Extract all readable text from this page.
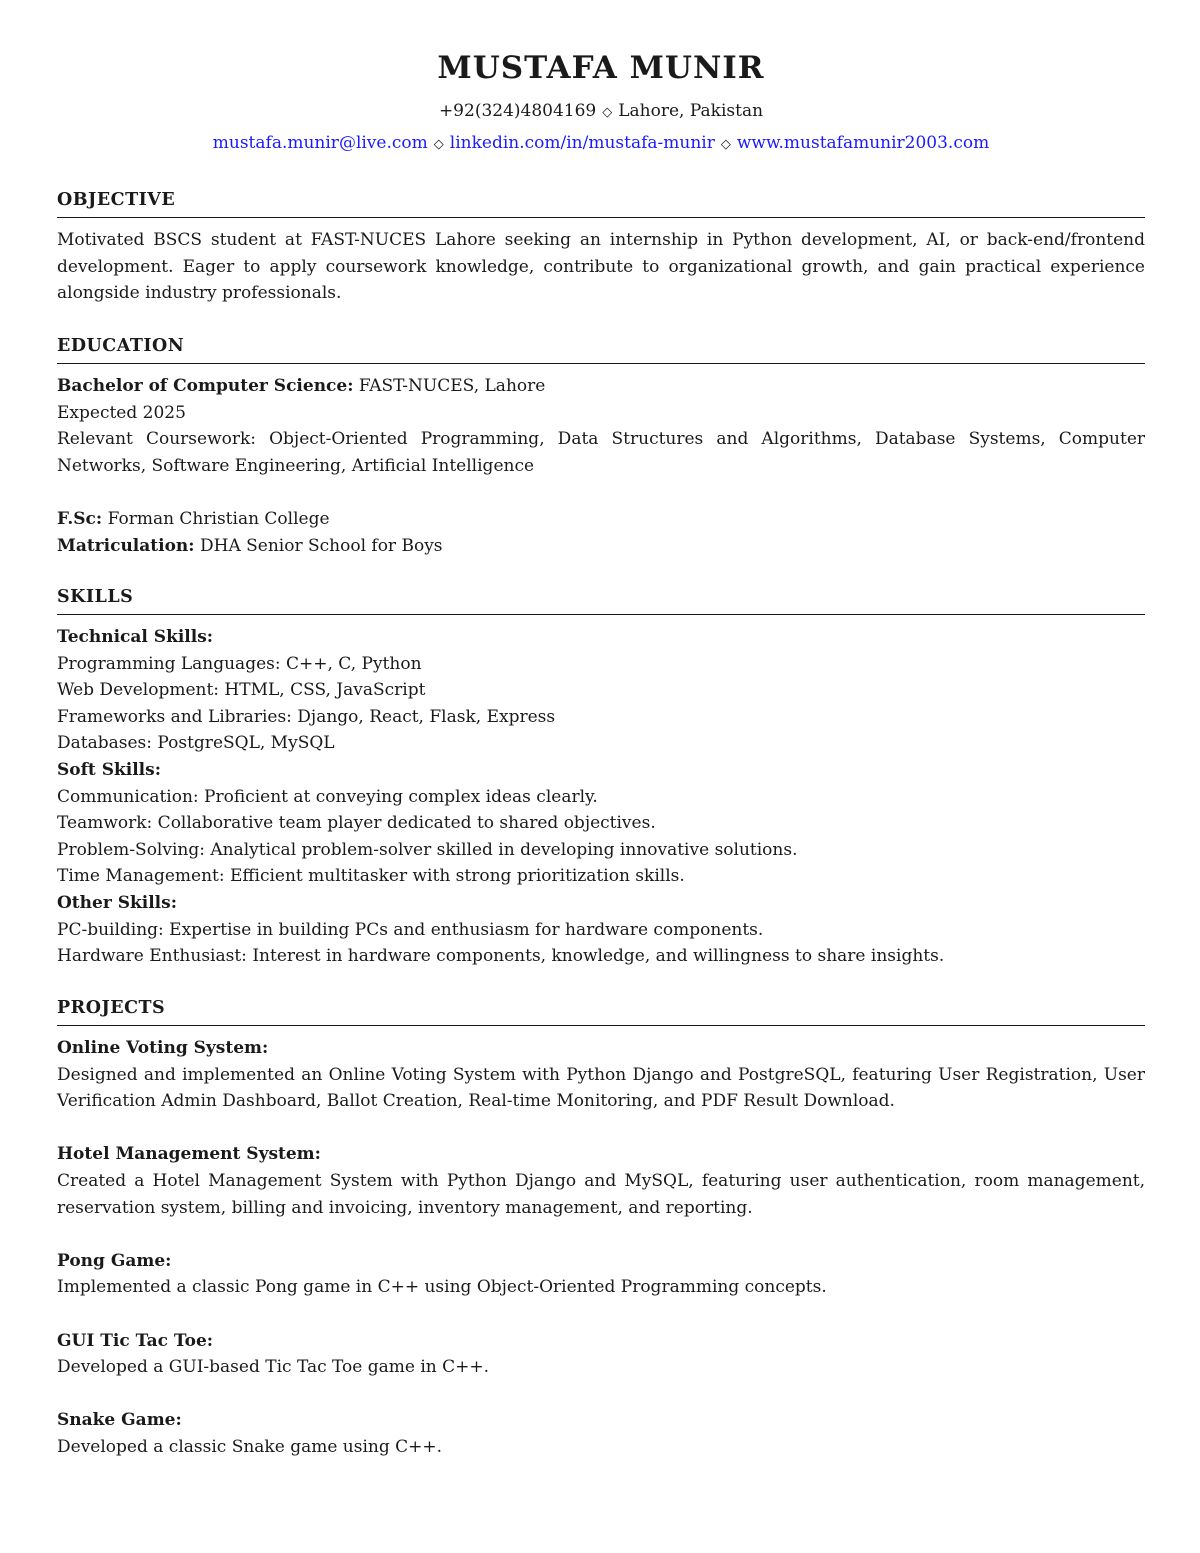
MUSTAFA MUNIR
+92(324)4804169 ◇ Lahore, Pakistan
mustafa.munir@live.com ◇ linkedin.com/in/mustafa-munir ◇ www.mustafamunir2003.com
OBJECTIVE
Motivated BSCS student at FAST-NUCES Lahore seeking an internship in Python development, AI, or back-end/frontend development. Eager to apply coursework knowledge, contribute to organizational growth, and gain practical experience alongside industry professionals.
EDUCATION
Bachelor of Computer Science: FAST-NUCES, Lahore
Expected 2025
Relevant Coursework: Object-Oriented Programming, Data Structures and Algorithms, Database Systems, Computer Networks, Software Engineering, Artificial Intelligence
F.Sc: Forman Christian College
Matriculation: DHA Senior School for Boys
SKILLS
Technical Skills:
Programming Languages: C++, C, Python
Web Development: HTML, CSS, JavaScript
Frameworks and Libraries: Django, React, Flask, Express
Databases: PostgreSQL, MySQL
Soft Skills:
Communication: Proficient at conveying complex ideas clearly.
Teamwork: Collaborative team player dedicated to shared objectives.
Problem-Solving: Analytical problem-solver skilled in developing innovative solutions.
Time Management: Efficient multitasker with strong prioritization skills.
Other Skills:
PC-building: Expertise in building PCs and enthusiasm for hardware components.
Hardware Enthusiast: Interest in hardware components, knowledge, and willingness to share insights.
PROJECTS
Online Voting System:
Designed and implemented an Online Voting System with Python Django and PostgreSQL, featuring User Registration, User Verification Admin Dashboard, Ballot Creation, Real-time Monitoring, and PDF Result Download.
Hotel Management System:
Created a Hotel Management System with Python Django and MySQL, featuring user authentication, room management, reservation system, billing and invoicing, inventory management, and reporting.
Pong Game:
Implemented a classic Pong game in C++ using Object-Oriented Programming concepts.
GUI Tic Tac Toe:
Developed a GUI-based Tic Tac Toe game in C++.
Snake Game:
Developed a classic Snake game using C++.
